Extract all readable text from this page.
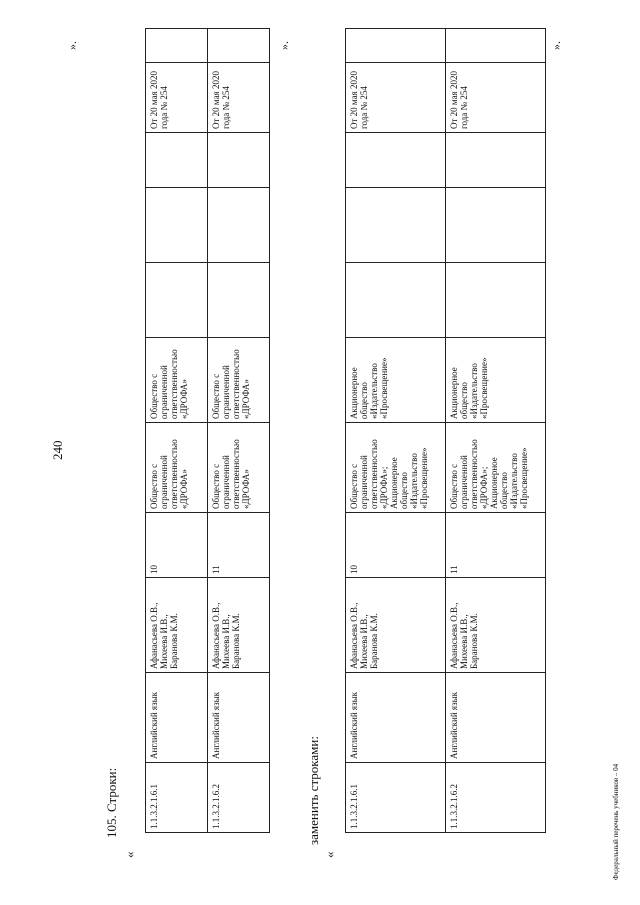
240
105. Строки:
«
».	».
заменить строками:
«
».
Федеральный перечень учебников – 04
1.1.3.2.1.6.1	Английский язык	Афанасьева О.В., Михеева И.В., Баранова К.М.	10	Общество с ограниченной ответственностью «ДРОФА»	Общество с ограниченной ответственностью «ДРОФА»				От 20 мая 2020 года № 254	
1.1.3.2.1.6.2	Английский язык	Афанасьева О.В., Михеева И.В., Баранова К.М.	11	Общество с ограниченной ответственностью «ДРОФА»	Общество с ограниченной ответственностью «ДРОФА»				От 20 мая 2020 года № 254	
1.1.3.2.1.6.1	Английский язык	Афанасьева О.В., Михеева И.В., Баранова К.М.	10	Общество с ограниченной ответственностью «ДРОФА»; Акционерное общество «Издательство «Просвещение»	Акционерное общество «Издательство «Просвещение»				От 20 мая 2020 года № 254	
1.1.3.2.1.6.2	Английский язык	Афанасьева О.В., Михеева И.В., Баранова К.М.	11	Общество с ограниченной ответственностью «ДРОФА»; Акционерное общество «Издательство «Просвещение»	Акционерное общество «Издательство «Просвещение»				От 20 мая 2020 года № 254	
